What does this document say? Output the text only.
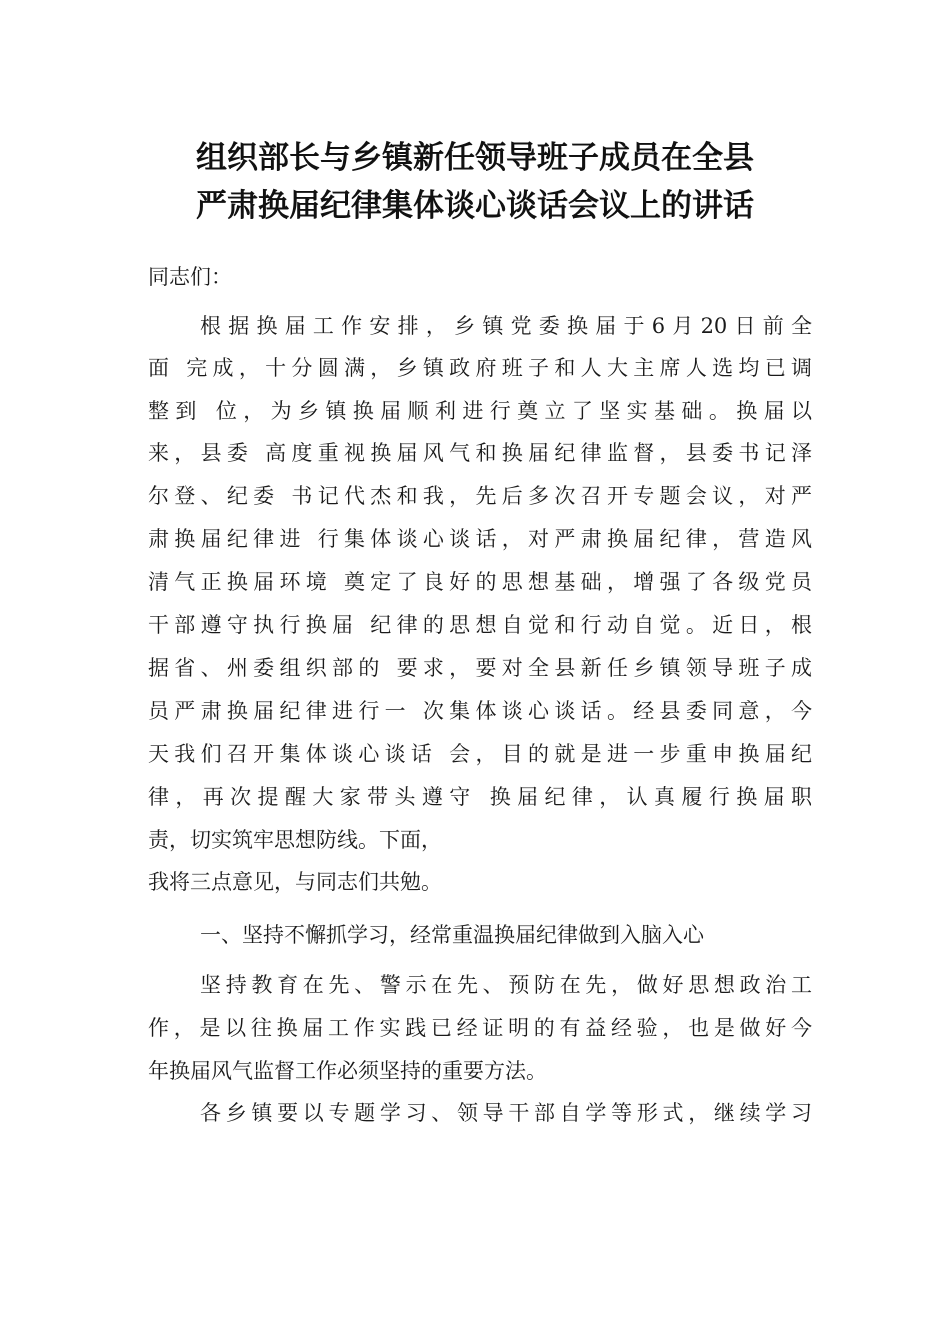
组织部长与乡镇新任领导班子成员在全县
严肃换届纪律集体谈心谈话会议上的讲话
同志们：
根据换届工作安排，乡镇党委换届于6月20日前全
面 完成，十分圆满，乡镇政府班子和人大主席人选均已调
整到 位，为乡镇换届顺利进行奠立了坚实基础。换届以
来，县委 高度重视换届风气和换届纪律监督，县委书记泽
尔登、纪委 书记代杰和我，先后多次召开专题会议，对严
肃换届纪律进 行集体谈心谈话，对严肃换届纪律，营造风
清气正换届环境 奠定了良好的思想基础，增强了各级党员
干部遵守执行换届 纪律的思想自觉和行动自觉。近日，根
据省、州委组织部的 要求，要对全县新任乡镇领导班子成
员严肃换届纪律进行一 次集体谈心谈话。经县委同意，今
天我们召开集体谈心谈话 会，目的就是进一步重申换届纪
律，再次提醒大家带头遵守 换届纪律，认真履行换届职
责，切实筑牢思想防线。下面，
我将三点意见，与同志们共勉。
一、坚持不懈抓学习，经常重温换届纪律做到入脑入心
坚持教育在先、警示在先、预防在先，做好思想政治工
作，是以往换届工作实践已经证明的有益经验，也是做好今
年换届风气监督工作必须坚持的重要方法。
各乡镇要以专题学习、领导干部自学等形式，继续学习
